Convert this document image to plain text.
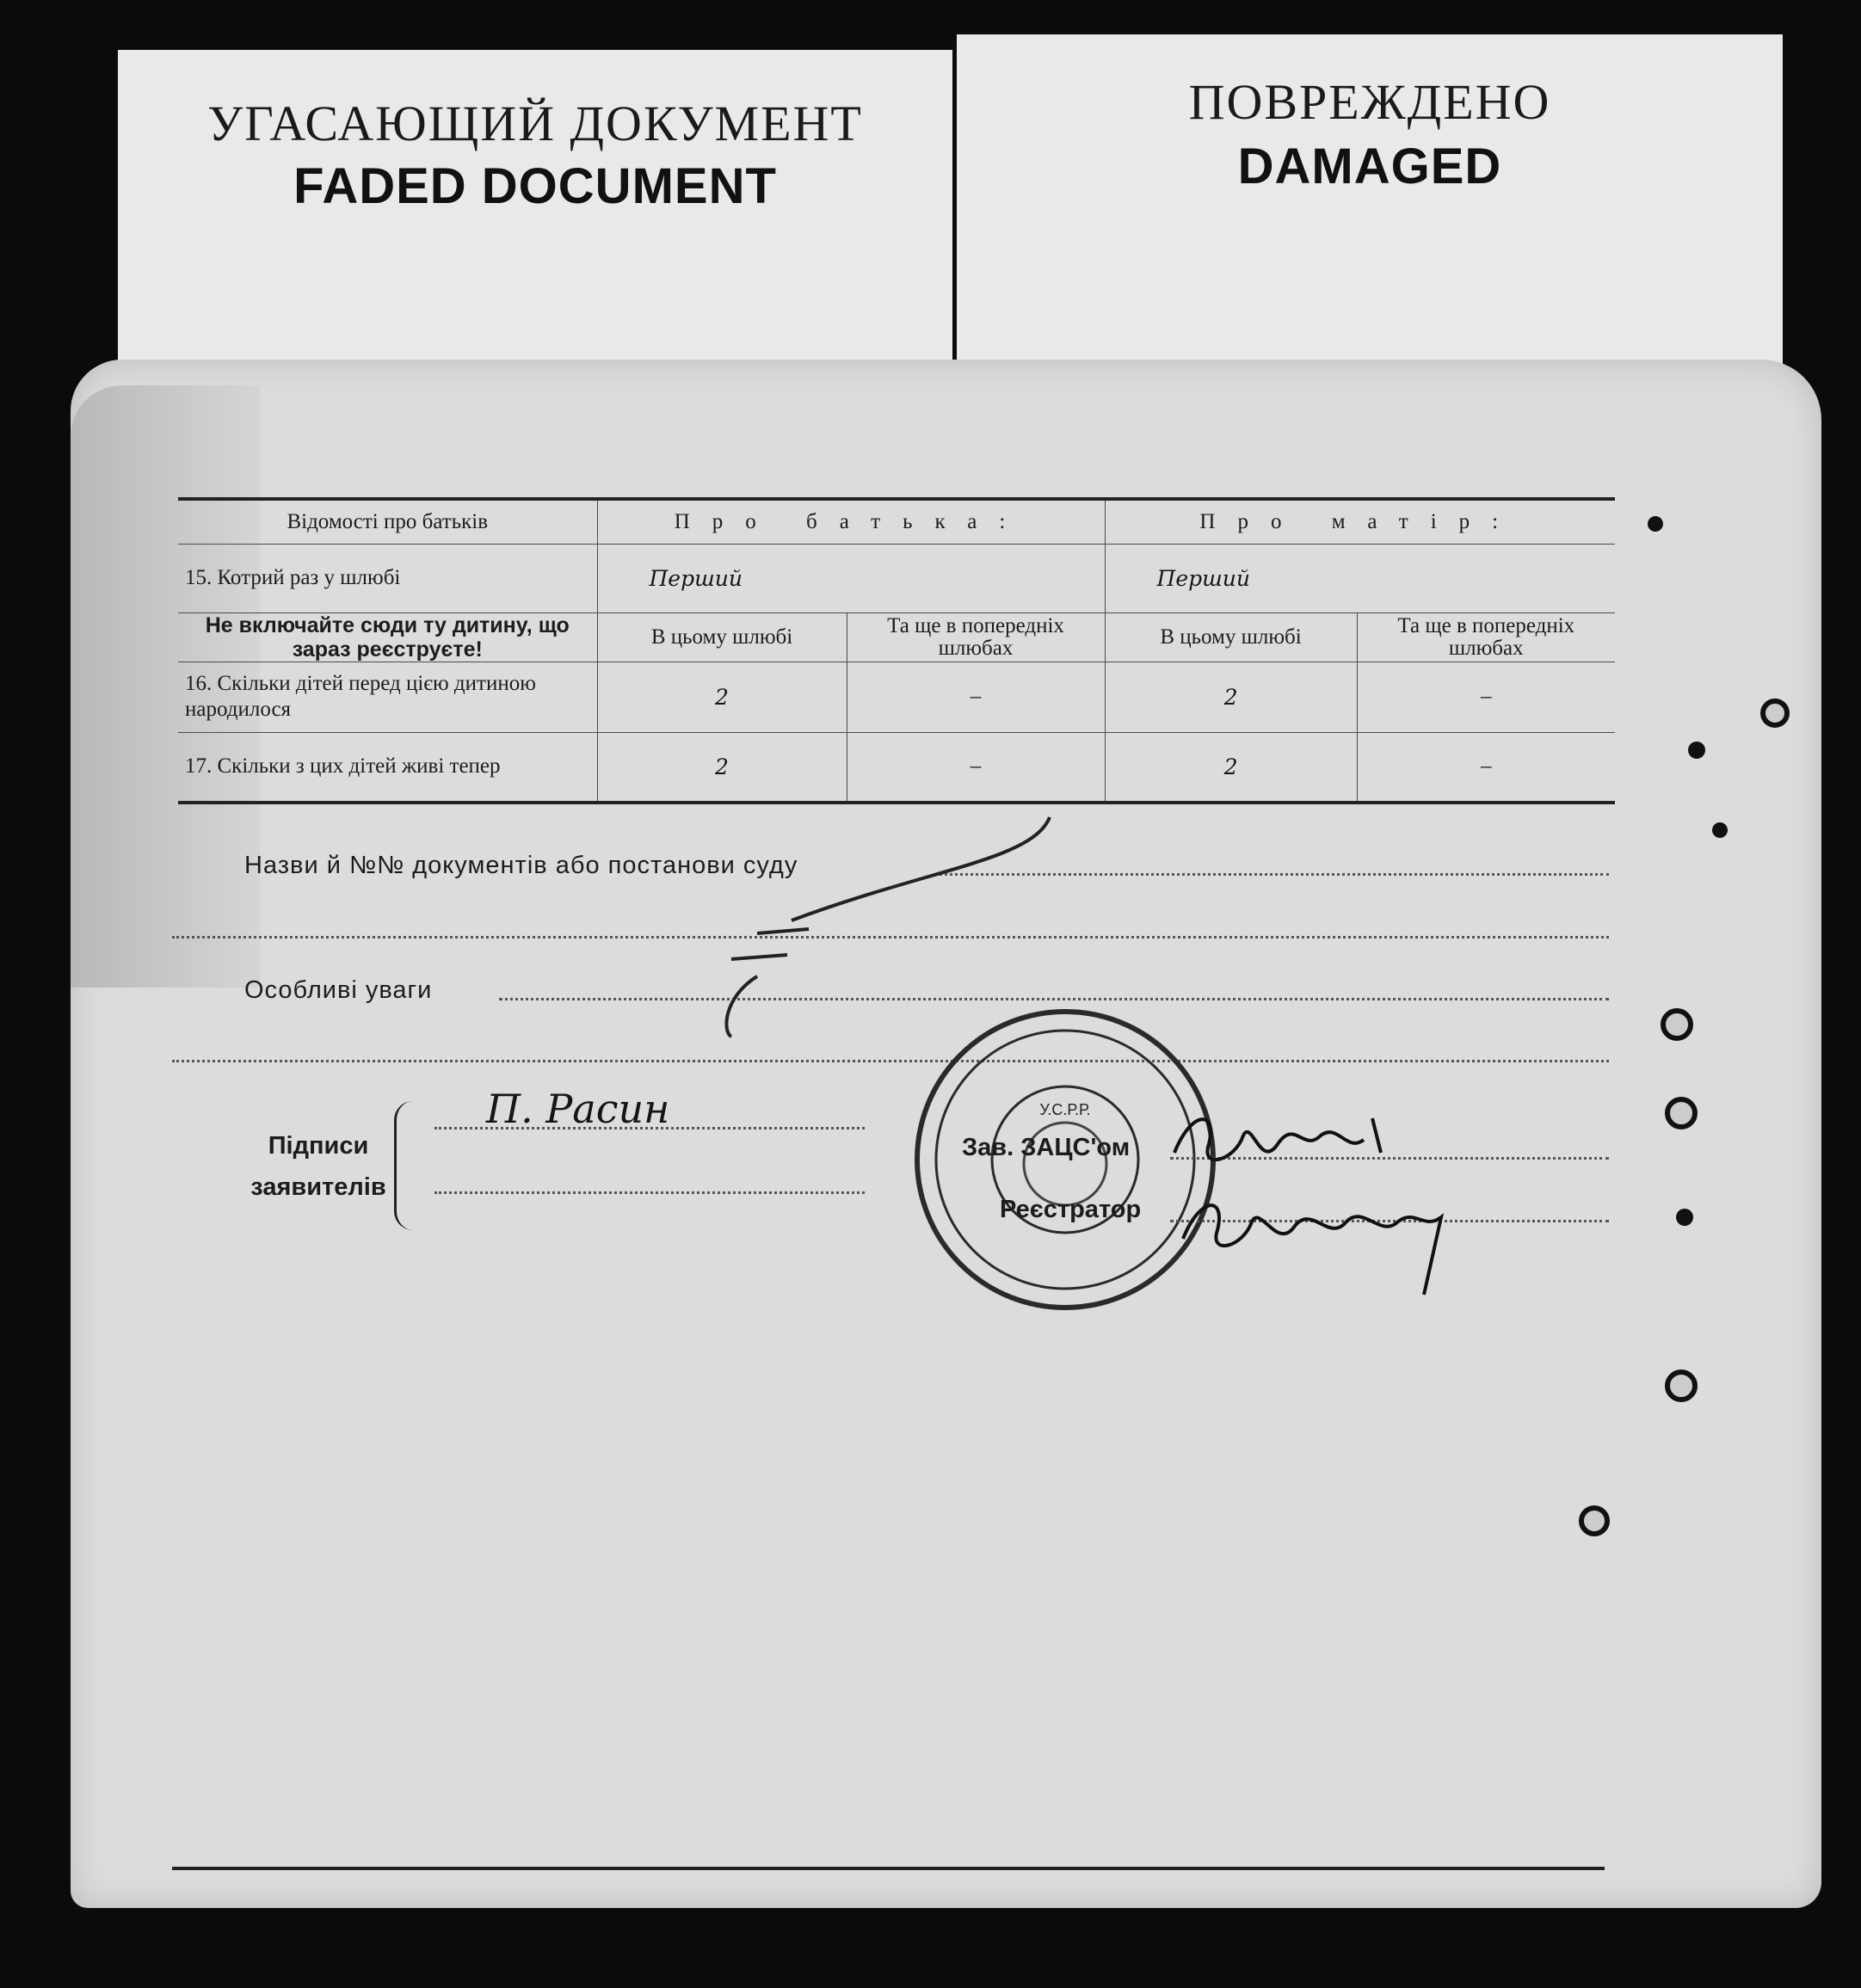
УГАСАЮЩИЙ ДОКУМЕНТ
FADED DOCUMENT
ПОВРЕЖДЕНО
DAMAGED
Відомості про батьків	Про батька:		Про матір:	
15. Котрий раз у шлюбі	Перший		Перший	
Не включайте сюди ту дитину, що зараз реєструєте!	В цьому шлюбі	Та ще в попередніх шлюбах	В цьому шлюбі	Та ще в попередніх шлюбах
16. Скільки дітей перед цією дитиною народилося	2	–	2	–
17. Скільки з цих дітей живі тепер	2	–	2	–
Назви й №№ документів або постанови суду
Особливі уваги
Підписи заявителів
П. Расин	У.С.Р.Р.
Зав. ЗАЦС'ом
Реєстратор
